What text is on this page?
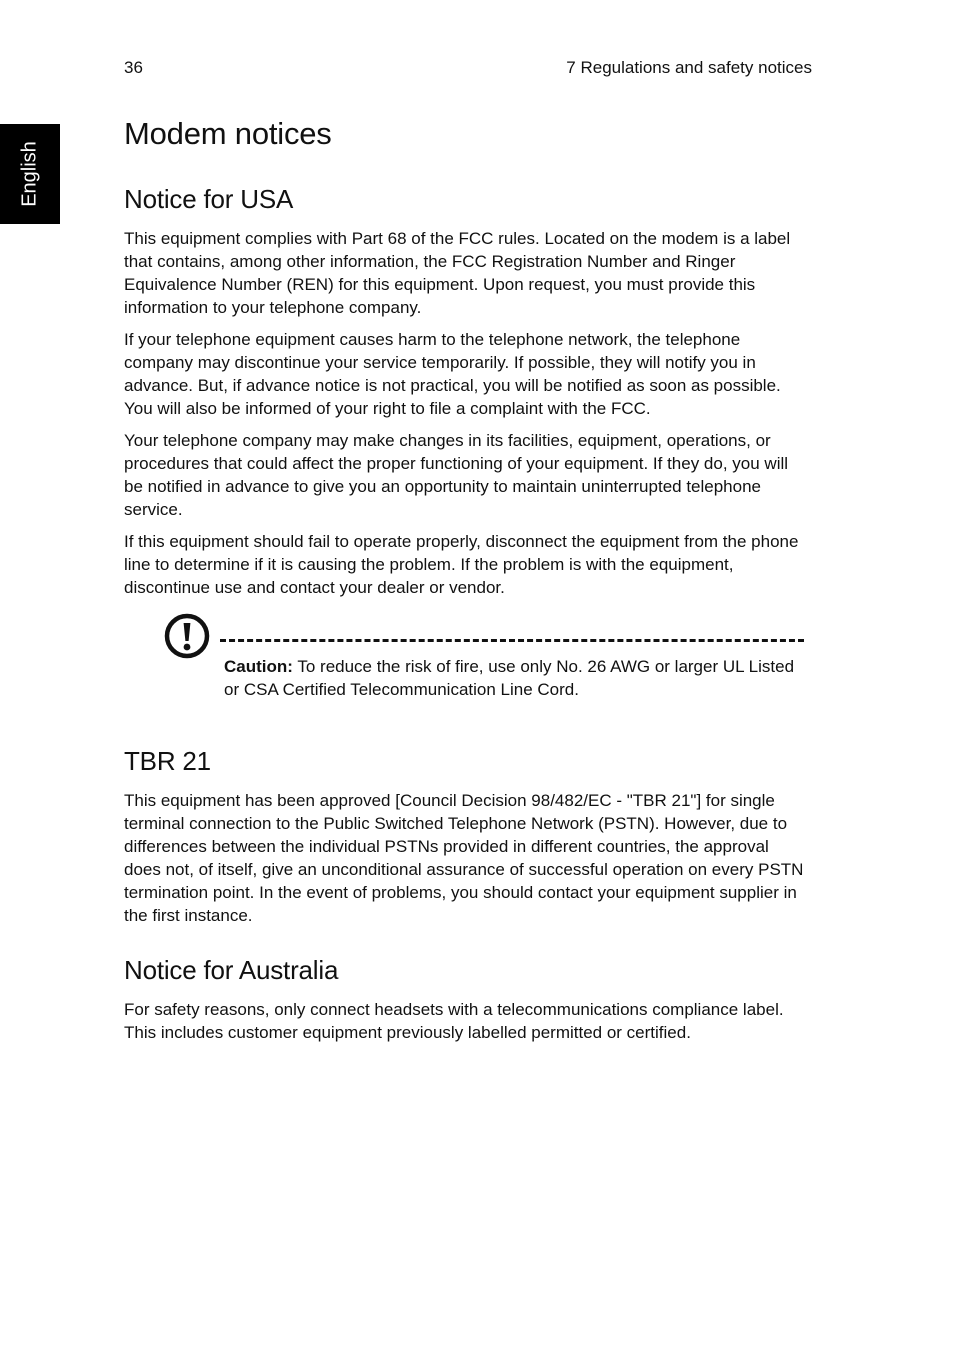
36	7 Regulations and safety notices
English
Modem notices
Notice for USA

This equipment complies with Part 68 of the FCC rules. Located on the modem is a label that contains, among other information, the FCC Registration Number and Ringer Equivalence Number (REN) for this equipment. Upon request, you must provide this information to your telephone company.

If your telephone equipment causes harm to the telephone network, the telephone company may discontinue your service temporarily. If possible, they will notify you in advance. But, if advance notice is not practical, you will be notified as soon as possible. You will also be informed of your right to file a complaint with the FCC.

Your telephone company may make changes in its facilities, equipment, operations, or procedures that could affect the proper functioning of your equipment. If they do, you will be notified in advance to give you an opportunity to maintain uninterrupted telephone service.

If this equipment should fail to operate properly, disconnect the equipment from the phone line to determine if it is causing the problem. If the problem is with the equipment, discontinue use and contact your dealer or vendor.

Caution: To reduce the risk of fire, use only No. 26 AWG or larger UL Listed or CSA Certified Telecommunication Line Cord.
TBR 21

This equipment has been approved [Council Decision 98/482/EC - "TBR 21"] for single terminal connection to the Public Switched Telephone Network (PSTN). However, due to differences between the individual PSTNs provided in different countries, the approval does not, of itself, give an unconditional assurance of successful operation on every PSTN termination point. In the event of problems, you should contact your equipment supplier in the first instance.

Notice for Australia

For safety reasons, only connect headsets with a telecommunications compliance label. This includes customer equipment previously labelled permitted or certified.
